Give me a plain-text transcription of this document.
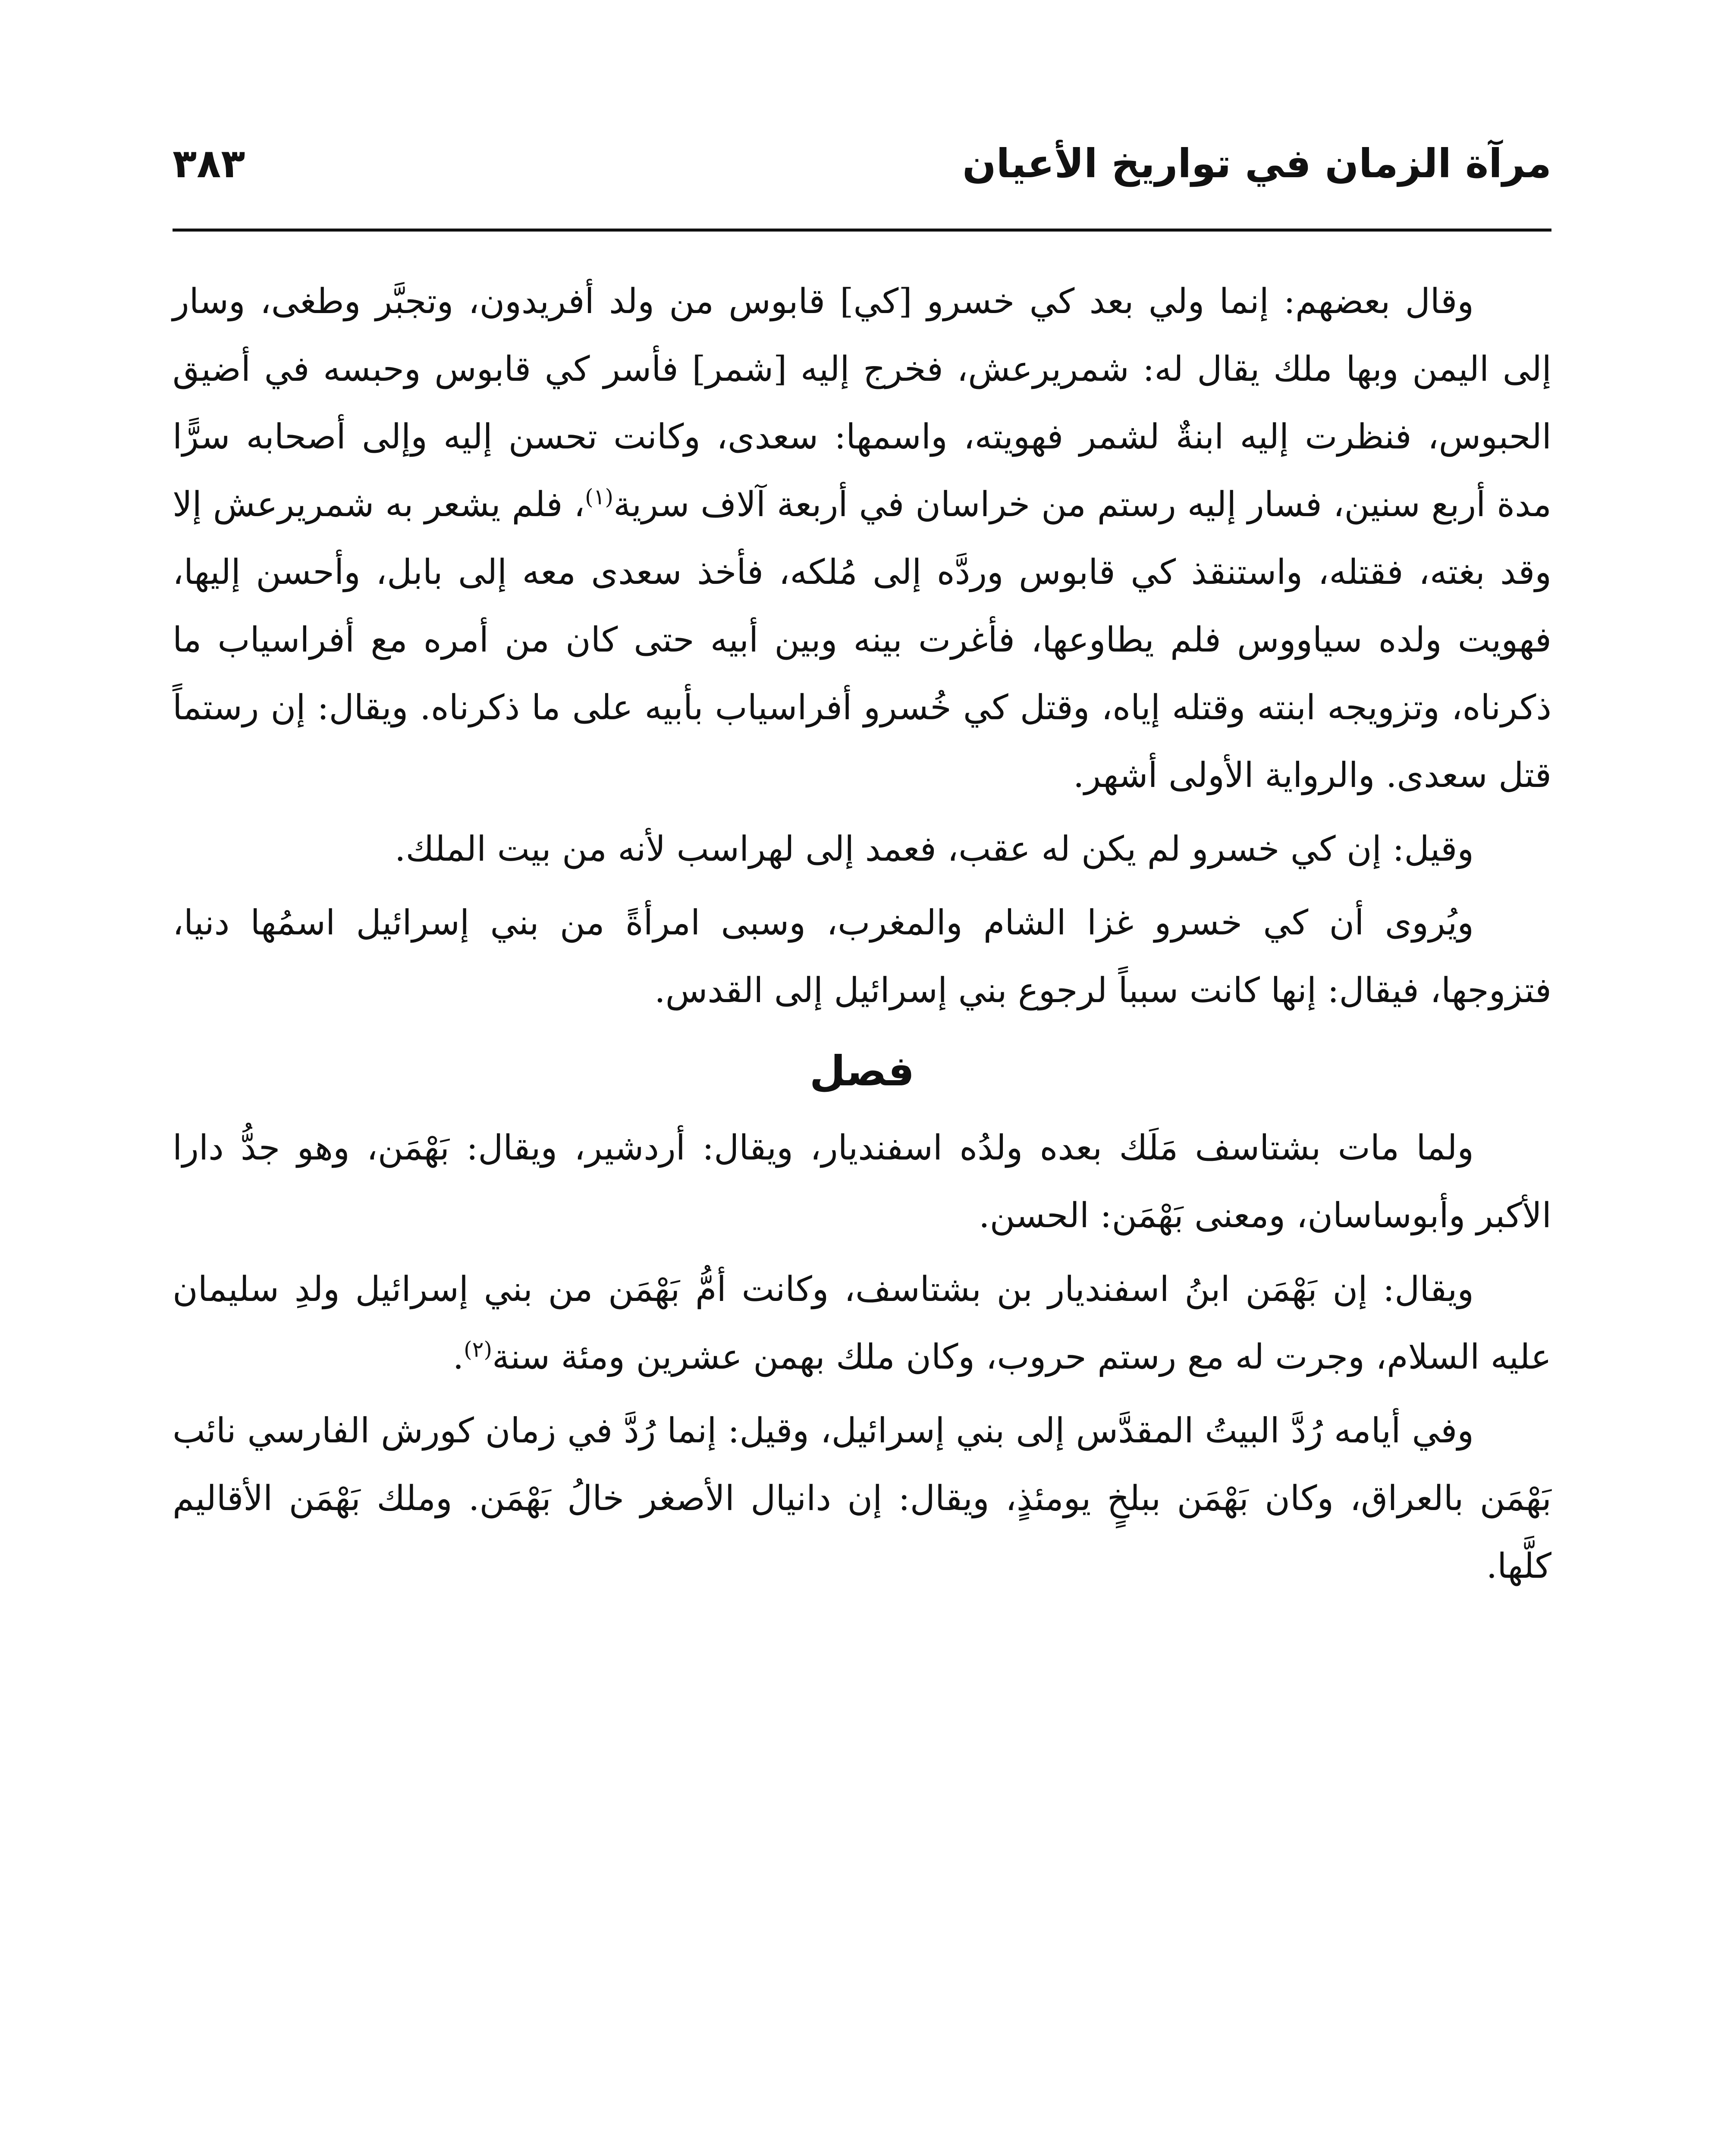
مرآة الزمان في تواريخ الأعيان
٣٨٣

وقال بعضهم: إنما ولي بعد كي خسرو [كي] قابوس من ولد أفريدون، وتجبَّر وطغى، وسار إلى اليمن وبها ملك يقال له: شمريرعش، فخرج إليه [شمر] فأسر كي قابوس وحبسه في أضيق الحبوس، فنظرت إليه ابنةٌ لشمر فهويته، واسمها: سعدى، وكانت تحسن إليه وإلى أصحابه سرًّا مدة أربع سنين، فسار إليه رستم من خراسان في أربعة آلاف سرية$^{(١)}$، فلم يشعر به شمريرعش إلا وقد بغته، فقتله، واستنقذ كي قابوس وردَّه إلى مُلكه، فأخذ سعدى معه إلى بابل، وأحسن إليها، فهويت ولده سياووس فلم يطاوعها، فأغرت بينه وبين أبيه حتى كان من أمره مع أفراسياب ما ذكرناه، وتزويجه ابنته وقتله إياه، وقتل كي خُسرو أفراسياب بأبيه على ما ذكرناه. ويقال: إن رستماً قتل سعدى. والرواية الأولى أشهر.

وقيل: إن كي خسرو لم يكن له عقب، فعمد إلى لهراسب لأنه من بيت الملك.

ويُروى أن كي خسرو غزا الشام والمغرب، وسبى امرأةً من بني إسرائيل اسمُها دنيا، فتزوجها، فيقال: إنها كانت سبباً لرجوع بني إسرائيل إلى القدس.

فصل

ولما مات بشتاسف مَلَك بعده ولدُه اسفنديار، ويقال: أردشير، ويقال: بَهْمَن، وهو جدُّ دارا الأكبر وأبوساسان، ومعنى بَهْمَن: الحسن.

ويقال: إن بَهْمَن ابنُ اسفنديار بن بشتاسف، وكانت أمُّ بَهْمَن من بني إسرائيل ولدِ سليمان عليه السلام، وجرت له مع رستم حروب، وكان ملك بهمن عشرين ومئة سنة$^{(٢)}$.

وفي أيامه رُدَّ البيتُ المقدَّس إلى بني إسرائيل، وقيل: إنما رُدَّ في زمان كورش الفارسي نائب بَهْمَن بالعراق، وكان بَهْمَن ببلخٍ يومئذٍ، ويقال: إن دانيال الأصغر خالُ بَهْمَن. وملك بَهْمَن الأقاليم كلَّها.
